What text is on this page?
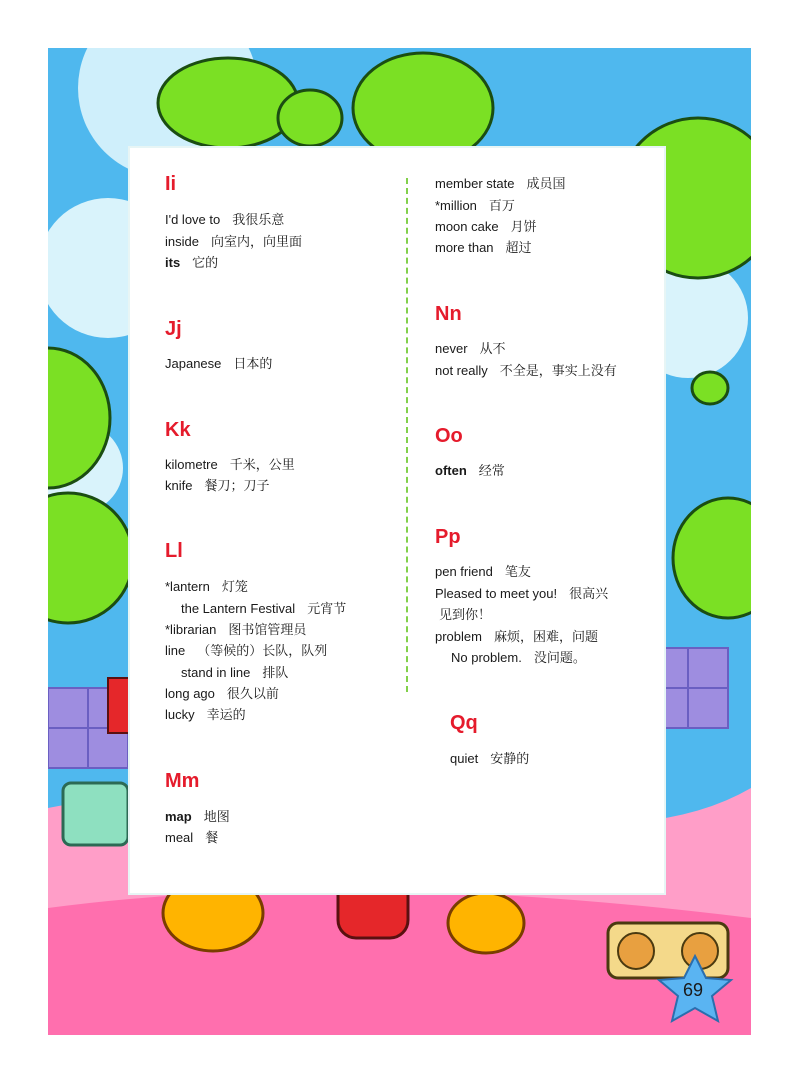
Ii
I'd love to 我很乐意
inside 向室内，向里面
its 它的
Jj
Japanese 日本的
Kk
kilometre 千米，公里
knife 餐刀；刀子
Ll
*lantern 灯笼
the Lantern Festival 元宵节
*librarian 图书馆管理员
line （等候的）长队，队列
stand in line 排队
long ago 很久以前
lucky 幸运的
Mm
map 地图
meal 餐
member state 成员国
*million 百万
moon cake 月饼
more than 超过
Nn
never 从不
not really 不全是，事实上没有
Oo
often 经常
Pp
pen friend 笔友
Pleased to meet you! 很高兴
见到你！
problem 麻烦，困难，问题
No problem. 没问题。
Qq
quiet 安静的
69
